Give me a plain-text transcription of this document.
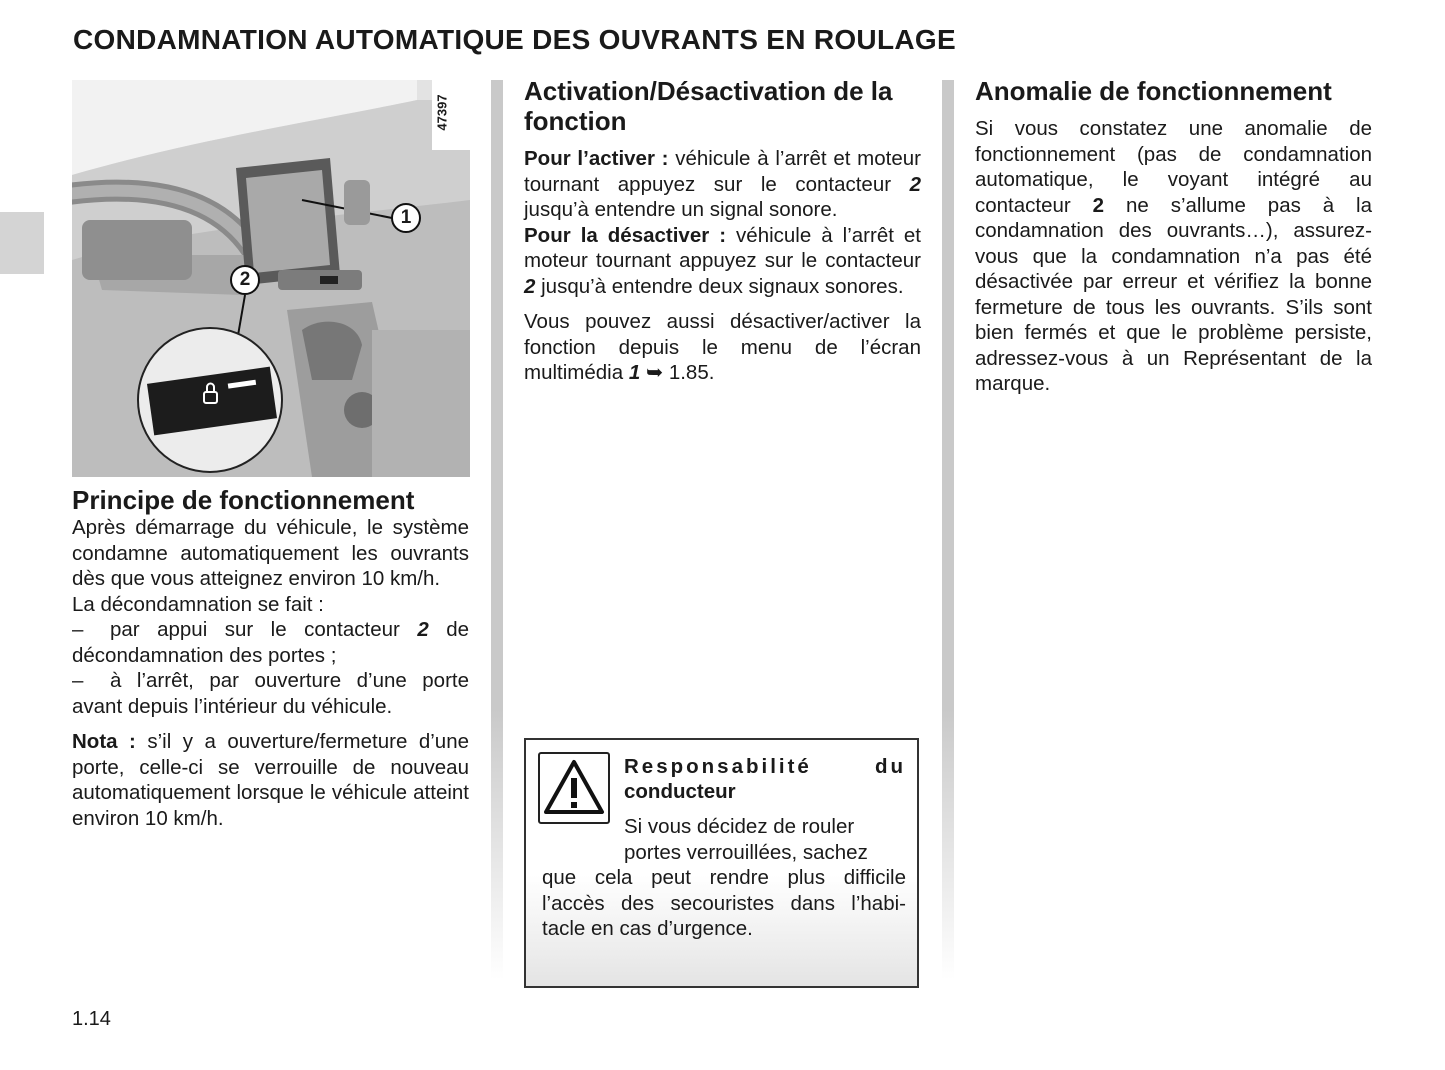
CONDAMNATION AUTOMATIQUE DES OUVRANTS EN ROULAGE
1
2
47397
Principe de fonctionnement

Après démarrage du véhicule, le système condamne automatiquement les ouvrants dès que vous atteignez environ 10 km/h.

La décondamnation se fait :

– par appui sur le contacteur 2 de décondamnation des portes ;

– à l’arrêt, par ouverture d’une porte avant depuis l’intérieur du véhicule.

Nota : s’il y a ouverture/fermeture d’une porte, celle-ci se verrouille de nouveau automatiquement lorsque le véhicule atteint environ 10 km/h.

Activation/Désactivation de la fonction

Pour l’activer : véhicule à l’arrêt et moteur tournant appuyez sur le contacteur 2 jusqu’à entendre un signal sonore.

Pour la désactiver : véhicule à l’arrêt et moteur tournant appuyez sur le contacteur 2 jusqu’à entendre deux signaux sonores.

Vous pouvez aussi désactiver/activer la fonction depuis le menu de l’écran multimédia 1 ➥ 1.85.

Responsabilité	du
conducteur
Si vous décidez de rouler
portes verrouillées, sachez
que cela peut rendre plus difficile l’accès des secouristes dans l’habi-tacle en cas d’urgence.
Anomalie de fonctionnement

Si vous constatez une anomalie de fonctionnement (pas de condamnation automatique, le voyant intégré au contacteur 2 ne s’allume pas à la condamnation des ouvrants…), assurez-vous que la condamnation n’a pas été désactivée par erreur et vérifiez la bonne fermeture de tous les ouvrants. S’ils sont bien fermés et que le problème persiste, adressez-vous à un Représentant de la marque.

1.14
